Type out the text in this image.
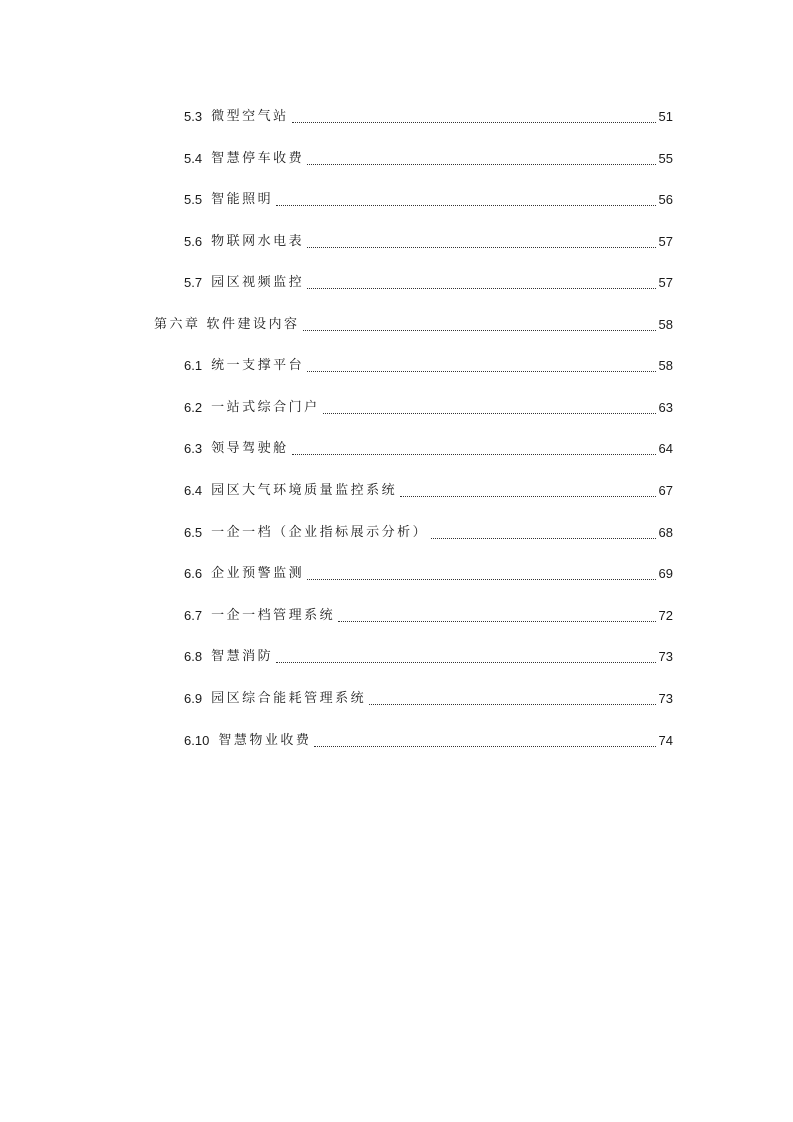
5.3 微型空气站	51
5.4 智慧停车收费	55
5.5 智能照明	56
5.6 物联网水电表	57
5.7 园区视频监控	57
第六章 软件建设内容	58
6.1 统一支撑平台	58
6.2 一站式综合门户	63
6.3 领导驾驶舱	64
6.4 园区大气环境质量监控系统	67
6.5 一企一档（企业指标展示分析）	68
6.6 企业预警监测	69
6.7 一企一档管理系统	72
6.8 智慧消防	73
6.9 园区综合能耗管理系统	73
6.10 智慧物业收费	74
